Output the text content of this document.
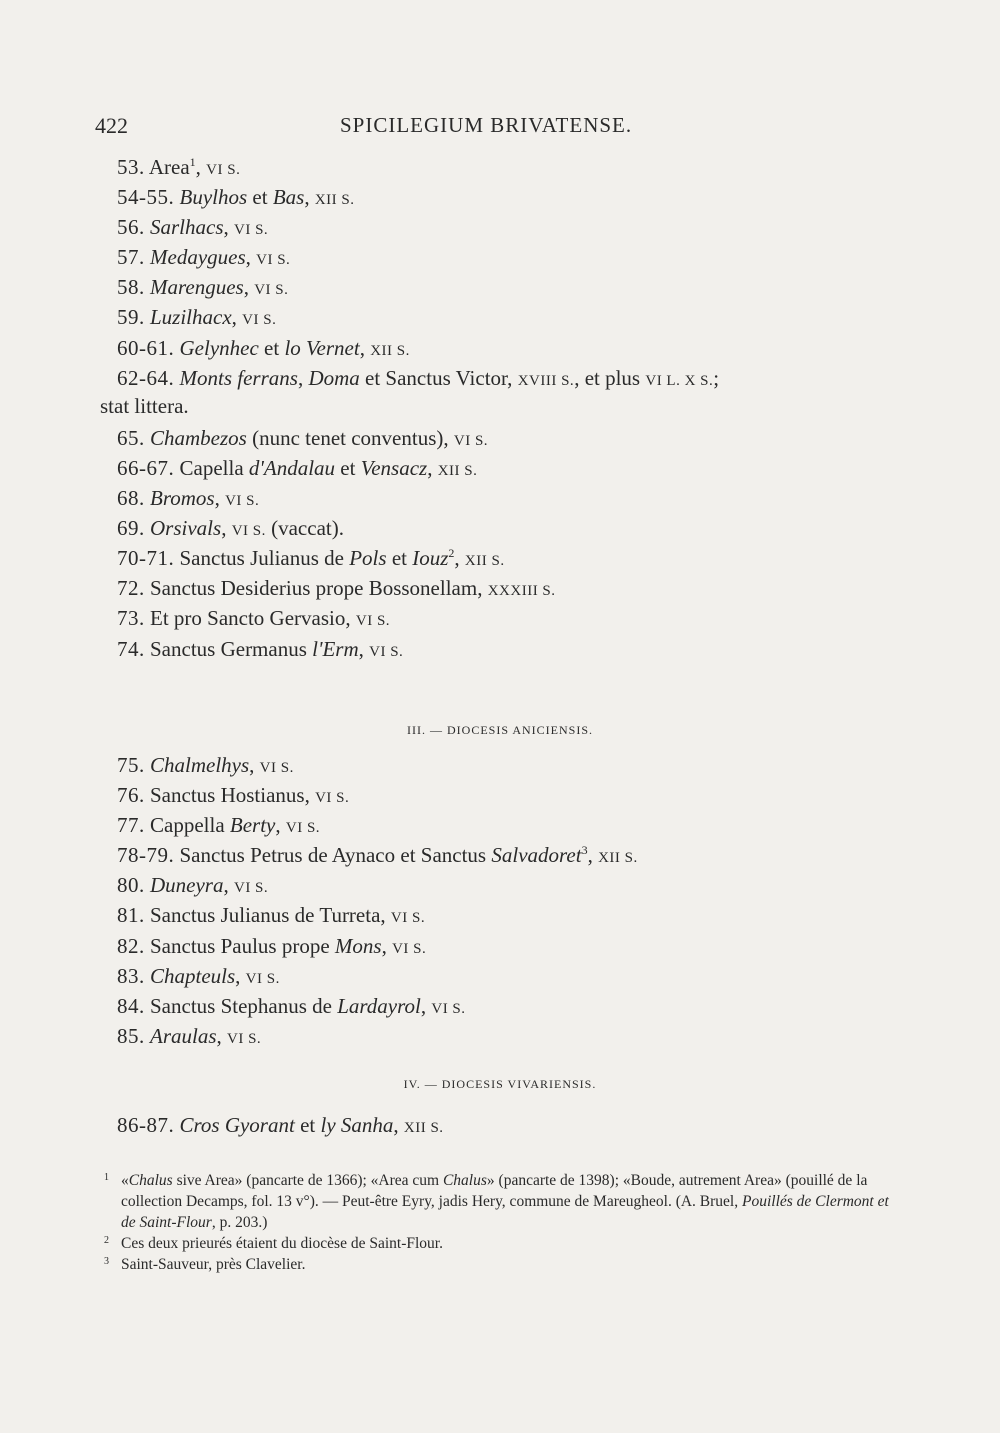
422	SPICILEGIUM BRIVATENSE.
53. Area$^1$, VI S.
54-55. Buylhos et Bas, XII S.
56. Sarlhacs, VI S.
57. Medaygues, VI S.
58. Marengues, VI S.
59. Luzilhacx, VI S.
60-61. Gelynhec et lo Vernet, XII S.
62-64. Monts ferrans, Doma et Sanctus Victor, XVIII S., et plus VI L. X S.;
stat littera.
65. Chambezos (nunc tenet conventus), VI S.
66-67. Capella d'Andalau et Vensacz, XII S.
68. Bromos, VI S.
69. Orsivals, VI S. (vaccat).
70-71. Sanctus Julianus de Pols et Iouz$^2$, XII S.
72. Sanctus Desiderius prope Bossonellam, XXXIII S.
73. Et pro Sancto Gervasio, VI S.
74. Sanctus Germanus l'Erm, VI S.
III. — DIOCESIS ANICIENSIS.
75. Chalmelhys, VI S.
76. Sanctus Hostianus, VI S.
77. Cappella Berty, VI S.
78-79. Sanctus Petrus de Aynaco et Sanctus Salvadoret$^3$, XII S.
80. Duneyra, VI S.
81. Sanctus Julianus de Turreta, VI S.
82. Sanctus Paulus prope Mons, VI S.
83. Chapteuls, VI S.
84. Sanctus Stephanus de Lardayrol, VI S.
85. Araulas, VI S.
IV. — DIOCESIS VIVARIENSIS.
86-87. Cros Gyorant et ly Sanha, XII S.
1 «Chalus sive Area» (pancarte de 1366); «Area cum Chalus» (pancarte de 1398); «Boude, autrement Area» (pouillé de la collection Decamps, fol. 13 v°). — Peut-être Eyry, jadis Hery, commune de Mareugheol. (A. Bruel, Pouillés de Clermont et de Saint-Flour, p. 203.)
2 Ces deux prieurés étaient du diocèse de Saint-Flour.
3 Saint-Sauveur, près Clavelier.
